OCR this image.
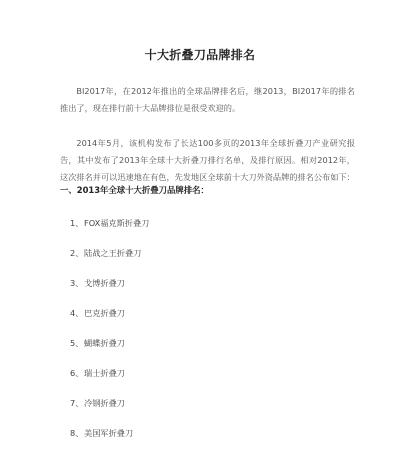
十大折叠刀品牌排名

BI2017年，在2012年推出的全球品牌排名后，继2013，BI2017年的排名推出了，现在排行前十大品牌排位是很受欢迎的。

2014年5月，该机构发布了长达100多页的2013年全球折叠刀产业研究报告，其中发布了2013年全球十大折叠刀排行名单，及排行原因。相对2012年，这次排名并可以迅速地在有色，先发地区全球前十大刀外资品牌的排名公布如下：

一、2013年全球十大折叠刀品牌排名：
1、FOX福克斯折叠刀
2、陆战之王折叠刀
3、戈博折叠刀
4、巴克折叠刀
5、蝴蝶折叠刀
6、瑞士折叠刀
7、冷钢折叠刀
8、美国军折叠刀
